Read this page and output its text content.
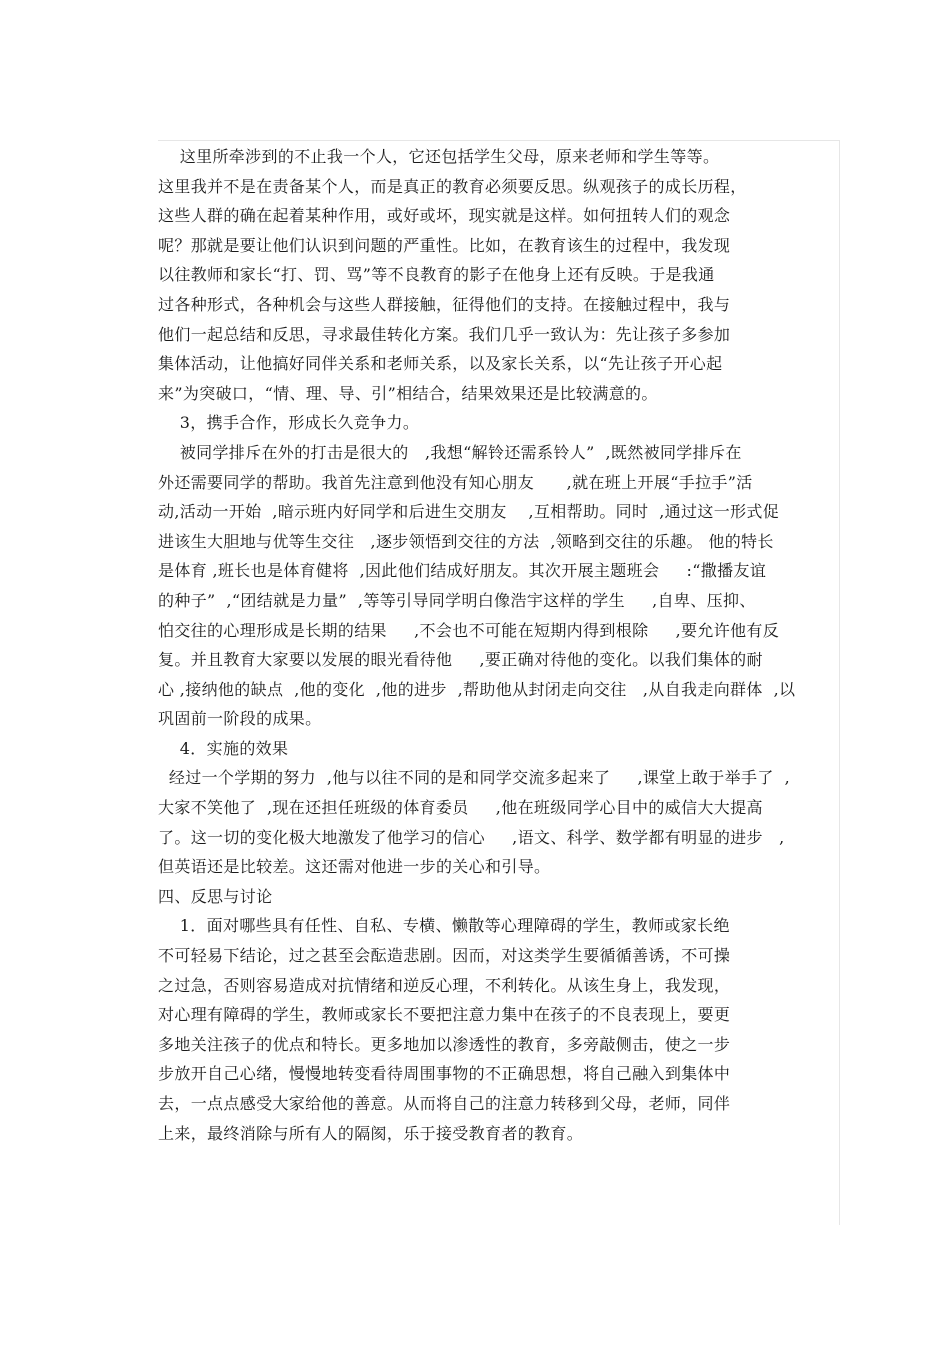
这里所牵涉到的不止我一个人，它还包括学生父母，原来老师和学生等等。
这里我并不是在责备某个人，而是真正的教育必须要反思。纵观孩子的成长历程，
这些人群的确在起着某种作用，或好或坏，现实就是这样。如何扭转人们的观念
呢？那就是要让他们认识到问题的严重性。比如，在教育该生的过程中，我发现
以往教师和家长“打、罚、骂”等不良教育的影子在他身上还有反映。于是我通
过各种形式，各种机会与这些人群接触，征得他们的支持。在接触过程中，我与
他们一起总结和反思，寻求最佳转化方案。我们几乎一致认为：先让孩子多参加
集体活动，让他搞好同伴关系和老师关系，以及家长关系，以“先让孩子开心起
来”为突破口，“情、理、导、引”相结合，结果效果还是比较满意的。
3，携手合作，形成长久竞争力。
被同学排斥在外的打击是很大的   ,我想“解铃还需系铃人”  ,既然被同学排斥在
外还需要同学的帮助。我首先注意到他没有知心朋友      ,就在班上开展“手拉手”活
动,活动一开始  ,暗示班内好同学和后进生交朋友    ,互相帮助。同时  ,通过这一形式促
进该生大胆地与优等生交往   ,逐步领悟到交往的方法  ,领略到交往的乐趣。 他的特长
是体育 ,班长也是体育健将  ,因此他们结成好朋友。其次开展主题班会     :“撒播友谊
的种子”  ,“团结就是力量”  ,等等引导同学明白像浩宇这样的学生     ,自卑、压抑、
怕交往的心理形成是长期的结果     ,不会也不可能在短期内得到根除     ,要允许他有反
复。并且教育大家要以发展的眼光看待他     ,要正确对待他的变化。以我们集体的耐
心 ,接纳他的缺点  ,他的变化  ,他的进步  ,帮助他从封闭走向交往   ,从自我走向群体  ,以
巩固前一阶段的成果。
4．实施的效果
经过一个学期的努力  ,他与以往不同的是和同学交流多起来了     ,课堂上敢于举手了  ,
大家不笑他了  ,现在还担任班级的体育委员     ,他在班级同学心目中的威信大大提高
了。这一切的变化极大地激发了他学习的信心     ,语文、科学、数学都有明显的进步   ,
但英语还是比较差。这还需对他进一步的关心和引导。
四、反思与讨论
1．面对哪些具有任性、自私、专横、懒散等心理障碍的学生，教师或家长绝
不可轻易下结论，过之甚至会酝造悲剧。因而，对这类学生要循循善诱，不可操
之过急，否则容易造成对抗情绪和逆反心理，不利转化。从该生身上，我发现，
对心理有障碍的学生，教师或家长不要把注意力集中在孩子的不良表现上，要更
多地关注孩子的优点和特长。更多地加以渗透性的教育，多旁敲侧击，使之一步
步放开自己心绪，慢慢地转变看待周围事物的不正确思想，将自己融入到集体中
去，一点点感受大家给他的善意。从而将自己的注意力转移到父母，老师，同伴
上来，最终消除与所有人的隔阂，乐于接受教育者的教育。
